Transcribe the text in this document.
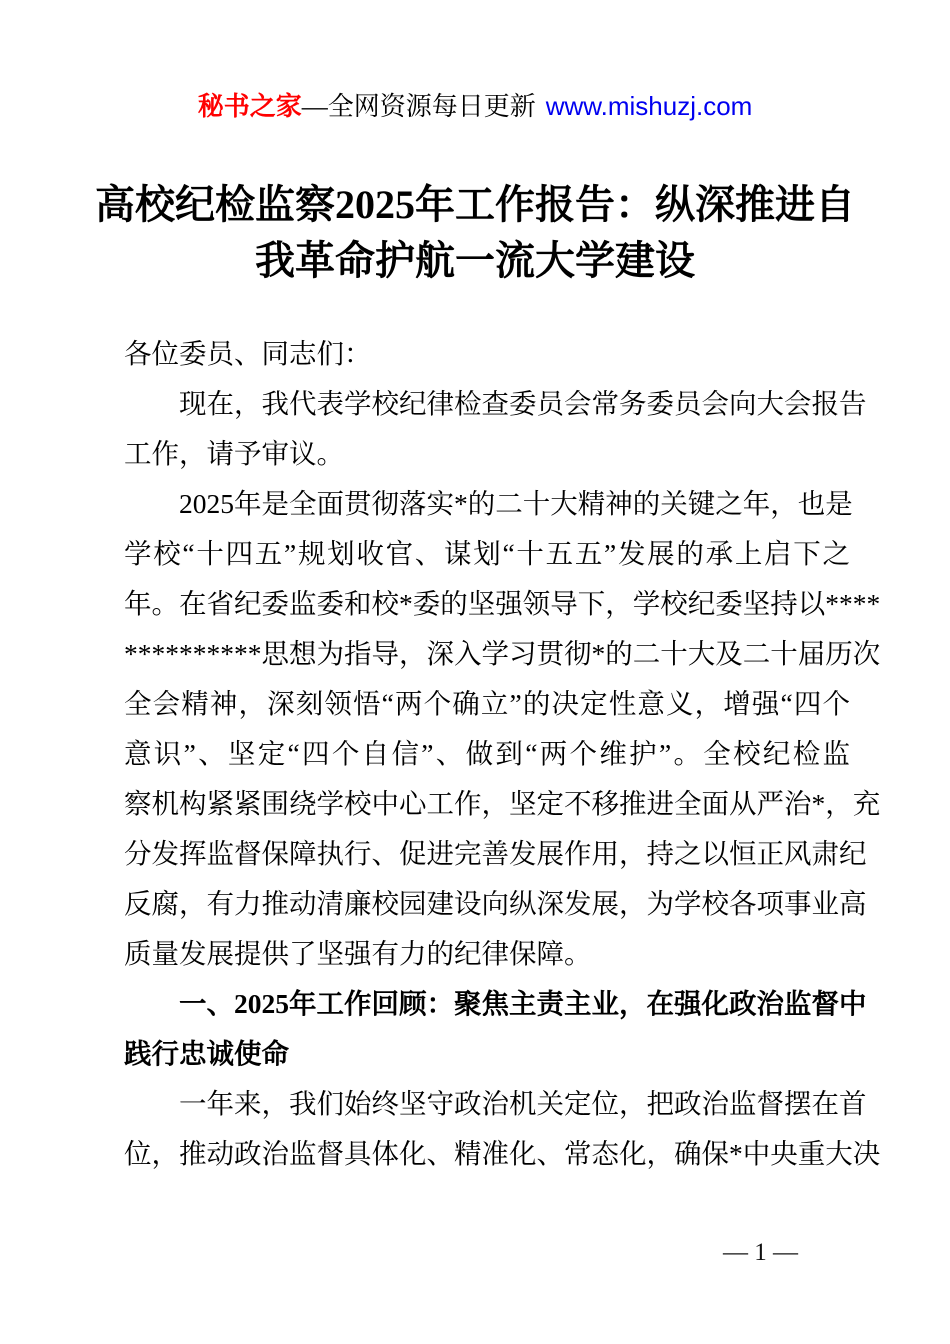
秘书之家—全网资源每日更新 www.mishuzj.com
高校纪检监察2025年工作报告：纵深推进自
我革命护航一流大学建设
各位委员、同志们：
现在，我代表学校纪律检查委员会常务委员会向大会报告
工作，请予审议。
2025年是全面贯彻落实*的二十大精神的关键之年，也是
学校“十四五”规划收官、谋划“十五五”发展的承上启下之
年。在省纪委监委和校*委的坚强领导下，学校纪委坚持以****
**********思想为指导，深入学习贯彻*的二十大及二十届历次
全会精神，深刻领悟“两个确立”的决定性意义，增强“四个
意识”、坚定“四个自信”、做到“两个维护”。全校纪检监
察机构紧紧围绕学校中心工作，坚定不移推进全面从严治*，充
分发挥监督保障执行、促进完善发展作用，持之以恒正风肃纪
反腐，有力推动清廉校园建设向纵深发展，为学校各项事业高
质量发展提供了坚强有力的纪律保障。
一、2025年工作回顾：聚焦主责主业，在强化政治监督中
践行忠诚使命
一年来，我们始终坚守政治机关定位，把政治监督摆在首
位，推动政治监督具体化、精准化、常态化，确保*中央重大决
— 1 —
